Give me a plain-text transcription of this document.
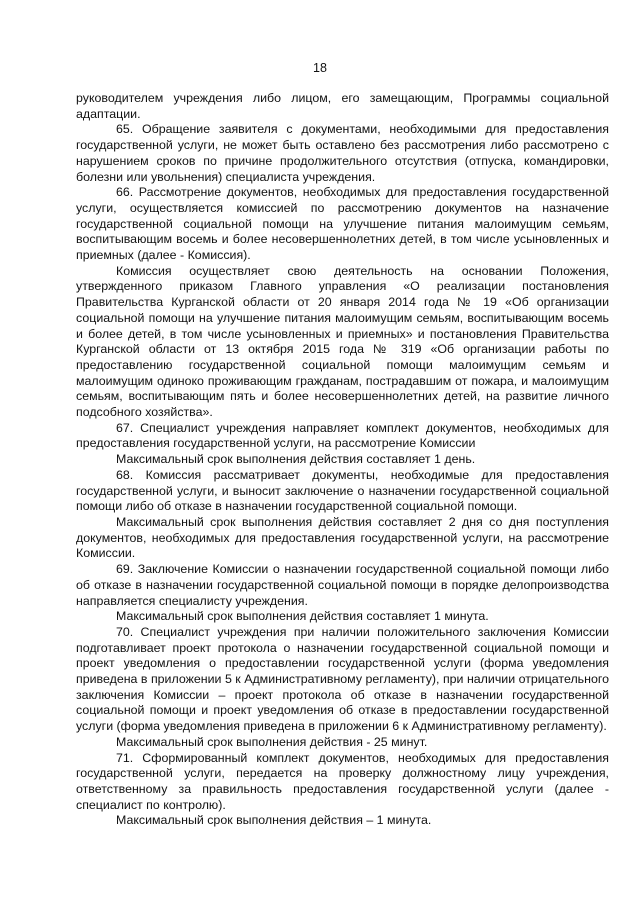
18

руководителем учреждения либо лицом, его замещающим, Программы социальной адаптации.

65. Обращение заявителя с документами, необходимыми для предоставления государственной услуги, не может быть оставлено без рассмотрения либо рассмотрено с нарушением сроков по причине продолжительного отсутствия (отпуска, командировки, болезни или увольнения) специалиста учреждения.

66. Рассмотрение документов, необходимых для предоставления государственной услуги, осуществляется комиссией по рассмотрению документов на назначение государственной социальной помощи на улучшение питания малоимущим семьям, воспитывающим восемь и более несовершеннолетних детей, в том числе усыновленных и приемных (далее - Комиссия).

Комиссия осуществляет свою деятельность на основании Положения, утвержденного приказом Главного управления «О реализации постановления Правительства Курганской области от 20 января 2014 года № 19 «Об организации социальной помощи на улучшение питания малоимущим семьям, воспитывающим восемь и более детей, в том числе усыновленных и приемных» и постановления Правительства Курганской области от 13 октября 2015 года № 319 «Об организации работы по предоставлению государственной социальной помощи малоимущим семьям и малоимущим одиноко проживающим гражданам, пострадавшим от пожара, и малоимущим семьям, воспитывающим пять и более несовершеннолетних детей, на развитие личного подсобного хозяйства».

67. Специалист учреждения направляет комплект документов, необходимых для предоставления государственной услуги, на рассмотрение Комиссии

Максимальный срок выполнения действия составляет 1 день.

68. Комиссия рассматривает документы, необходимые для предоставления государственной услуги, и выносит заключение о назначении государственной социальной помощи либо об отказе в назначении государственной социальной помощи.

Максимальный срок выполнения действия составляет 2 дня со дня поступления документов, необходимых для предоставления государственной услуги, на рассмотрение Комиссии.

69. Заключение Комиссии о назначении государственной социальной помощи либо об отказе в назначении государственной социальной помощи в порядке делопроизводства направляется специалисту учреждения.

Максимальный срок выполнения действия составляет 1 минута.

70. Специалист учреждения при наличии положительного заключения Комиссии подготавливает проект протокола о назначении государственной социальной помощи и проект уведомления о предоставлении государственной услуги (форма уведомления приведена в приложении 5 к Административному регламенту), при наличии отрицательного заключения Комиссии – проект протокола об отказе в назначении государственной социальной помощи и проект уведомления об отказе в предоставлении государственной услуги (форма уведомления приведена в приложении 6 к Административному регламенту).

Максимальный срок выполнения действия - 25 минут.

71. Сформированный комплект документов, необходимых для предоставления государственной услуги, передается на проверку должностному лицу учреждения, ответственному за правильность предоставления государственной услуги (далее - специалист по контролю).

Максимальный срок выполнения действия – 1 минута.
